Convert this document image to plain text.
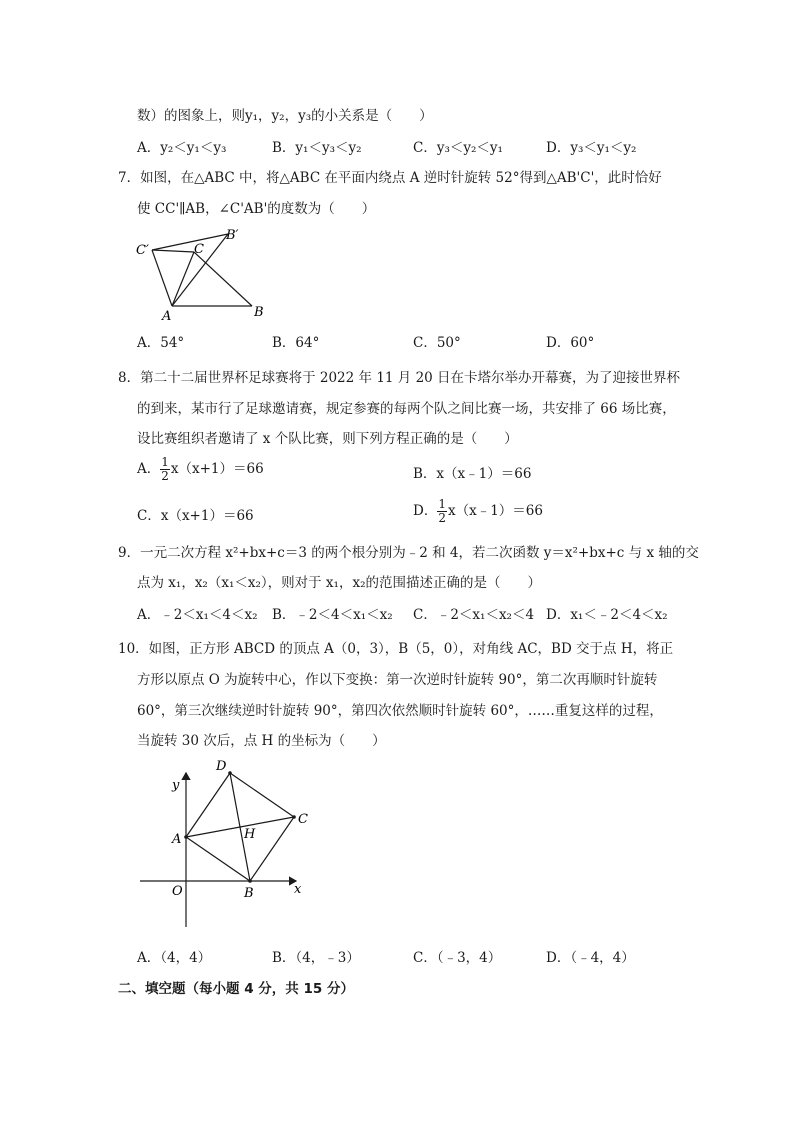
数）的图象上，则y₁，y₂，y₃的小关系是（　　）
A．y₂＜y₁＜y₃	B．y₁＜y₃＜y₂	C．y₃＜y₂＜y₁	D．y₃＜y₁＜y₂
7．如图，在△ABC 中，将△ABC 在平面内绕点 A 逆时针旋转 52°得到△AB'C'，此时恰好
使 CC'∥AB，∠C'AB'的度数为（　　）
C′	C
B′
A	B
A．54°	B．64°	C．50°	D．60°
8．第二十二届世界杯足球赛将于 2022 年 11 月 20 日在卡塔尔举办开幕赛，为了迎接世界杯
的到来，某市行了足球邀请赛，规定参赛的每两个队之间比赛一场，共安排了 66 场比赛，
设比赛组织者邀请了 x 个队比赛，则下列方程正确的是（　　）
A． $\frac{1}{2} x(x+1)=66$	B．x（x﹣1）＝66
C．x（x+1）＝66	D． $\frac{1}{2}$ x（x﹣1）＝66
9．一元二次方程 x²+bx+c＝3 的两个根分别为﹣2 和 4，若二次函数 y＝x²+bx+c 与 x 轴的交
点为 x₁，x₂（x₁＜x₂），则对于 x₁，x₂的范围描述正确的是（　　）
A．﹣2＜x₁＜4＜x₂ B．﹣2＜4＜x₁＜x₂ C．﹣2＜x₁＜x₂＜4 D．x₁＜﹣2＜4＜x₂
10．如图，正方形 ABCD 的顶点 A（0，3），B（5，0），对角线 AC，BD 交于点 H，将正
方形以原点 O 为旋转中心，作以下变换：第一次逆时针旋转 90°，第二次再顺时针旋转
60°，第三次继续逆时针旋转 90°，第四次依然顺时针旋转 60°，……重复这样的过程，
当旋转 30 次后，点 H 的坐标为（　　）
D
y
C
A	H
O	B	x
A．（4，4）	B．（4，﹣3）	C．（﹣3，4）	D．（﹣4，4）
二、填空题（每小题 4 分，共 15 分）
